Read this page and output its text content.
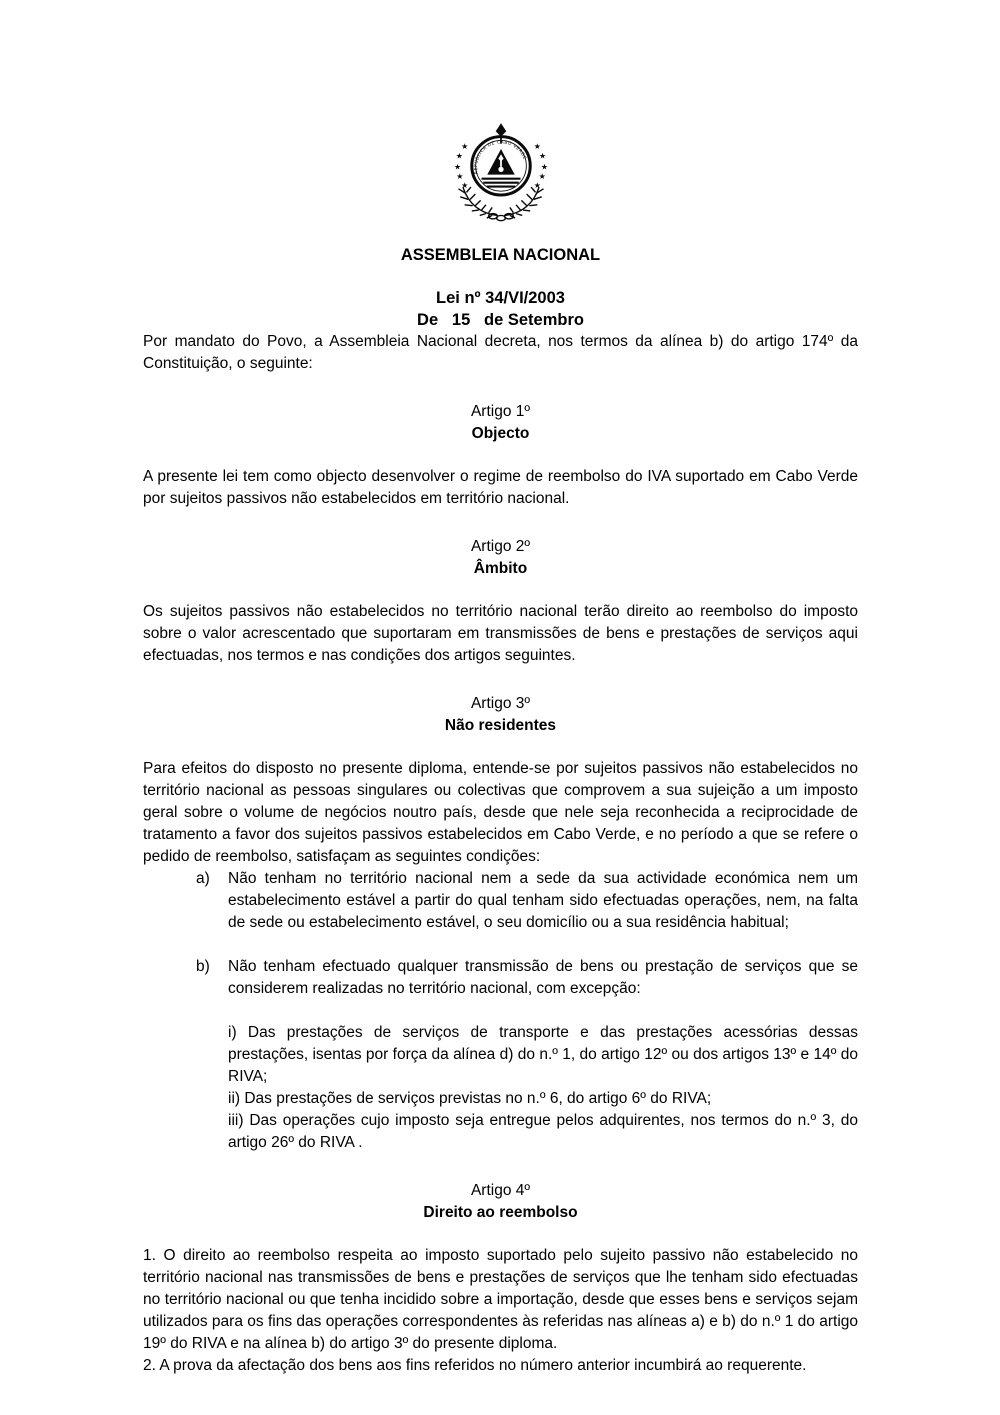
REPÚBLICA DE CABO VERDE
★
★
★
★
★
★
★
★
★
★
ASSEMBLEIA NACIONAL
Lei nº 34/VI/2003
De   15   de Setembro

Por mandato do Povo, a Assembleia Nacional decreta, nos termos da alínea b) do artigo 174º da Constituição, o seguinte:

Artigo 1º
Objecto

A presente lei tem como objecto desenvolver o regime de reembolso do IVA suportado em Cabo Verde por sujeitos passivos não estabelecidos em território nacional.

Artigo 2º
Âmbito

Os sujeitos passivos não estabelecidos no território nacional terão direito ao reembolso do imposto sobre o valor acrescentado que suportaram em transmissões de bens e prestações de serviços aqui efectuadas, nos termos e nas condições dos artigos seguintes.

Artigo 3º
Não residentes

Para efeitos do disposto no presente diploma, entende-se por sujeitos passivos não estabelecidos no território nacional as pessoas singulares ou colectivas que comprovem a sua sujeição a um imposto geral sobre o volume de negócios noutro país, desde que nele seja reconhecida a reciprocidade de tratamento a favor dos sujeitos passivos estabelecidos em Cabo Verde, e no período a que se refere o pedido de reembolso, satisfaçam as seguintes condições:

a) Não tenham no território nacional nem a sede da sua actividade económica nem um estabelecimento estável a partir do qual tenham sido efectuadas operações, nem, na falta de sede ou estabelecimento estável, o seu domicílio ou a sua residência habitual;
b) Não tenham efectuado qualquer transmissão de bens ou prestação de serviços que se considerem realizadas no território nacional, com excepção:

i) Das prestações de serviços de transporte e das prestações acessórias dessas prestações, isentas por força da alínea d) do n.º 1, do artigo 12º ou dos artigos 13º e 14º do RIVA;

ii) Das prestações de serviços previstas no n.º 6, do artigo 6º do RIVA;

iii) Das operações cujo imposto seja entregue pelos adquirentes, nos termos do n.º 3, do artigo 26º do RIVA .

Artigo 4º
Direito ao reembolso

1. O direito ao reembolso respeita ao imposto suportado pelo sujeito passivo não estabelecido no território nacional nas transmissões de bens e prestações de serviços que lhe tenham sido efectuadas no território nacional ou que tenha incidido sobre a importação, desde que esses bens e serviços sejam utilizados para os fins das operações correspondentes às referidas nas alíneas a) e b) do n.º 1 do artigo 19º do RIVA e na alínea b) do artigo 3º do presente diploma.

2. A prova da afectação dos bens aos fins referidos no número anterior incumbirá ao requerente.
